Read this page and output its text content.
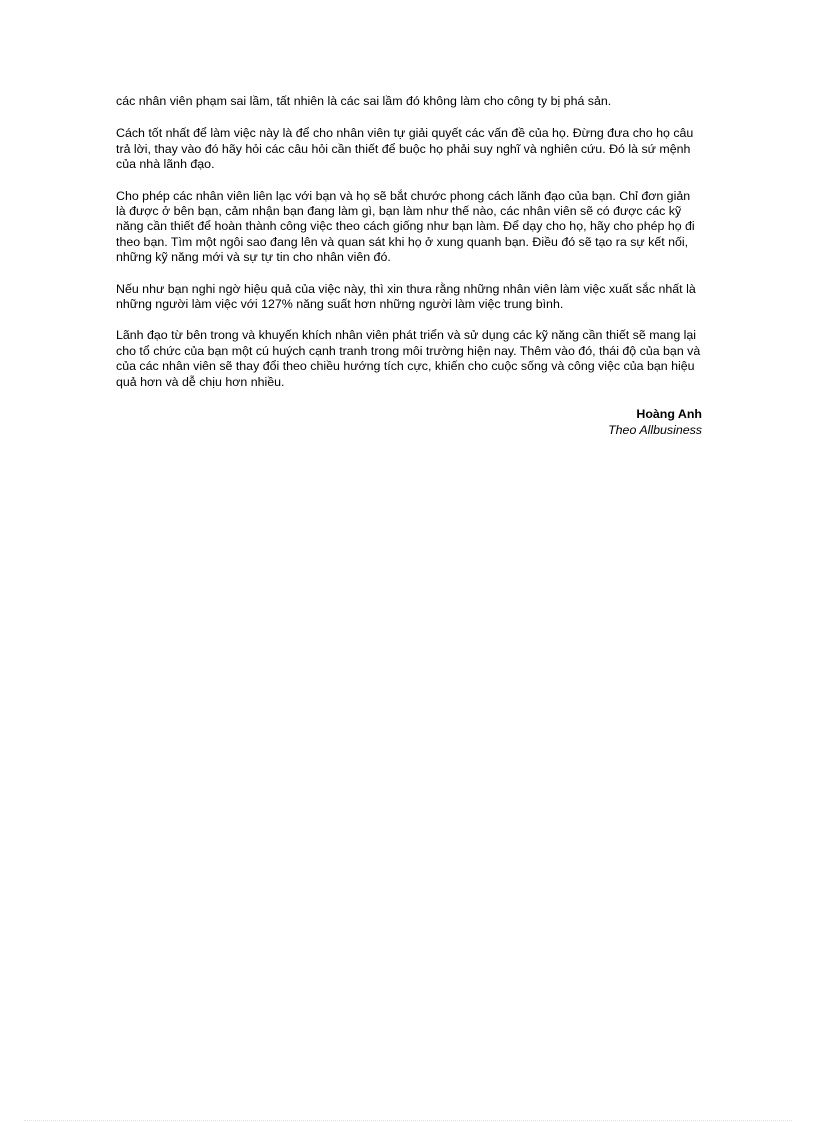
các nhân viên phạm sai lầm, tất nhiên là các sai lầm đó không làm cho công ty bị phá sản.

Cách tốt nhất để làm việc này là để cho nhân viên tự giải quyết các vấn đề của họ. Đừng đưa cho họ câu trả lời, thay vào đó hãy hỏi các câu hỏi cần thiết để buộc họ phải suy nghĩ và nghiên cứu. Đó là sứ mệnh của nhà lãnh đạo.

Cho phép các nhân viên liên lạc với bạn và họ sẽ bắt chước phong cách lãnh đạo của bạn. Chỉ đơn giản là được ở bên bạn, cảm nhận bạn đang làm gì, bạn làm như thế nào, các nhân viên sẽ có được các kỹ năng cần thiết để hoàn thành công việc theo cách giống như bạn làm. Để dạy cho họ, hãy cho phép họ đi theo bạn. Tìm một ngôi sao đang lên và quan sát khi họ ở xung quanh bạn. Điều đó sẽ tạo ra sự kết nối, những kỹ năng mới và sự tự tin cho nhân viên đó.

Nếu như bạn nghi ngờ hiệu quả của việc này, thì xin thưa rằng những nhân viên làm việc xuất sắc nhất là những người làm việc với 127% năng suất hơn những người làm việc trung bình.

Lãnh đạo từ bên trong và khuyến khích nhân viên phát triển và sử dụng các kỹ năng cần thiết sẽ mang lại cho tổ chức của bạn một cú huých cạnh tranh trong môi trường hiện nay. Thêm vào đó, thái độ của bạn và của các nhân viên sẽ thay đổi theo chiều hướng tích cực, khiến cho cuộc sống và công việc của bạn hiệu quả hơn và dễ chịu hơn nhiều.

Hoàng Anh
Theo Allbusiness
